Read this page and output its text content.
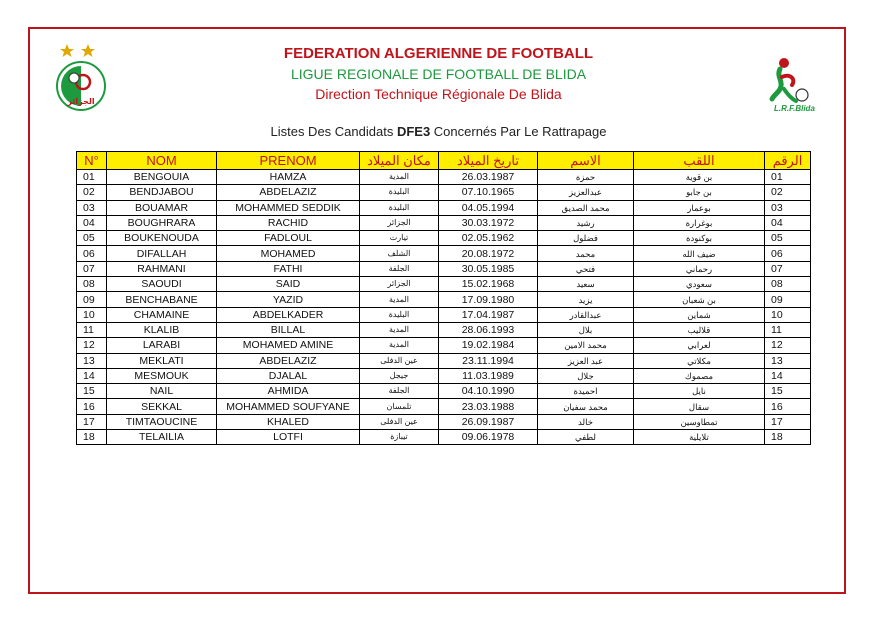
الجزائر
L.R.F.Blida
FEDERATION ALGERIENNE DE FOOTBALL
LIGUE REGIONALE DE FOOTBALL DE BLIDA
Direction Technique Régionale De Blida
Listes Des Candidats DFE3 Concernés Par Le Rattrapage
N°	NOM	PRENOM	مكان الميلاد	تاريخ الميلاد	الاسم	اللقب	الرقم
01	BENGOUIA	HAMZA	المدية	26.03.1987	حمزة	بن قوية	01
02	BENDJABOU	ABDELAZIZ	البليدة	07.10.1965	عبدالعزيز	بن جابو	02
03	BOUAMAR	MOHAMMED SEDDIK	البليدة	04.05.1994	محمد الصديق	بوعمار	03
04	BOUGHRARA	RACHID	الجزائر	30.03.1972	رشيد	بوغرارة	04
05	BOUKENOUDA	FADLOUL	تيارت	02.05.1962	فضلول	بوكنودة	05
06	DIFALLAH	MOHAMED	الشلف	20.08.1972	محمد	ضيف الله	06
07	RAHMANI	FATHI	الجلفة	30.05.1985	فتحي	رحماني	07
08	SAOUDI	SAID	الجزائر	15.02.1968	سعيد	سعودي	08
09	BENCHABANE	YAZID	المدية	17.09.1980	يزيد	بن شعبان	09
10	CHAMAINE	ABDELKADER	البليدة	17.04.1987	عبدالقادر	شماين	10
11	KLALIB	BILLAL	المدية	28.06.1993	بلال	قلاليب	11
12	LARABI	MOHAMED AMINE	المدية	19.02.1984	محمد الامين	لعرابي	12
13	MEKLATI	ABDELAZIZ	عين الدفلى	23.11.1994	عبد العزيز	مكلاتي	13
14	MESMOUK	DJALAL	جيجل	11.03.1989	جلال	مصموك	14
15	NAIL	AHMIDA	الجلفة	04.10.1990	احميدة	نايل	15
16	SEKKAL	MOHAMMED SOUFYANE	تلمسان	23.03.1988	محمد سفيان	سقال	16
17	TIMTAOUCINE	KHALED	عين الدفلى	26.09.1987	خالد	تمطاوسين	17
18	TELAILIA	LOTFI	تيبازة	09.06.1978	لطفي	تلايلية	18
